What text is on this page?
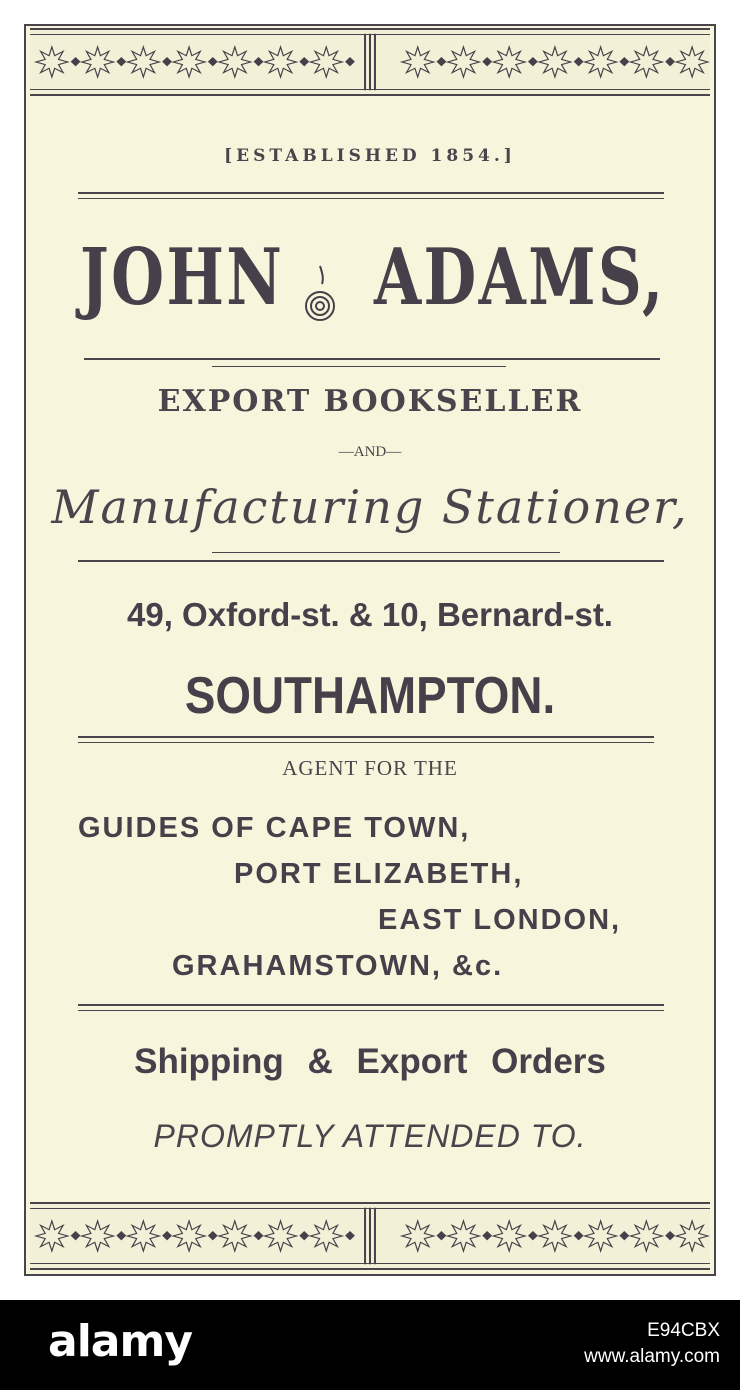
[ESTABLISHED 1854.]
JOHN ADAMS,
EXPORT BOOKSELLER
—AND—
Manufacturing Stationer,
49, Oxford-st. & 10, Bernard-st.
SOUTHAMPTON.
AGENT FOR THE
GUIDES OF CAPE TOWN,
PORT ELIZABETH,
EAST LONDON,
GRAHAMSTOWN, &c.
Shipping & Export Orders
PROMPTLY ATTENDED TO.
alamy	E94CBX
www.alamy.com
